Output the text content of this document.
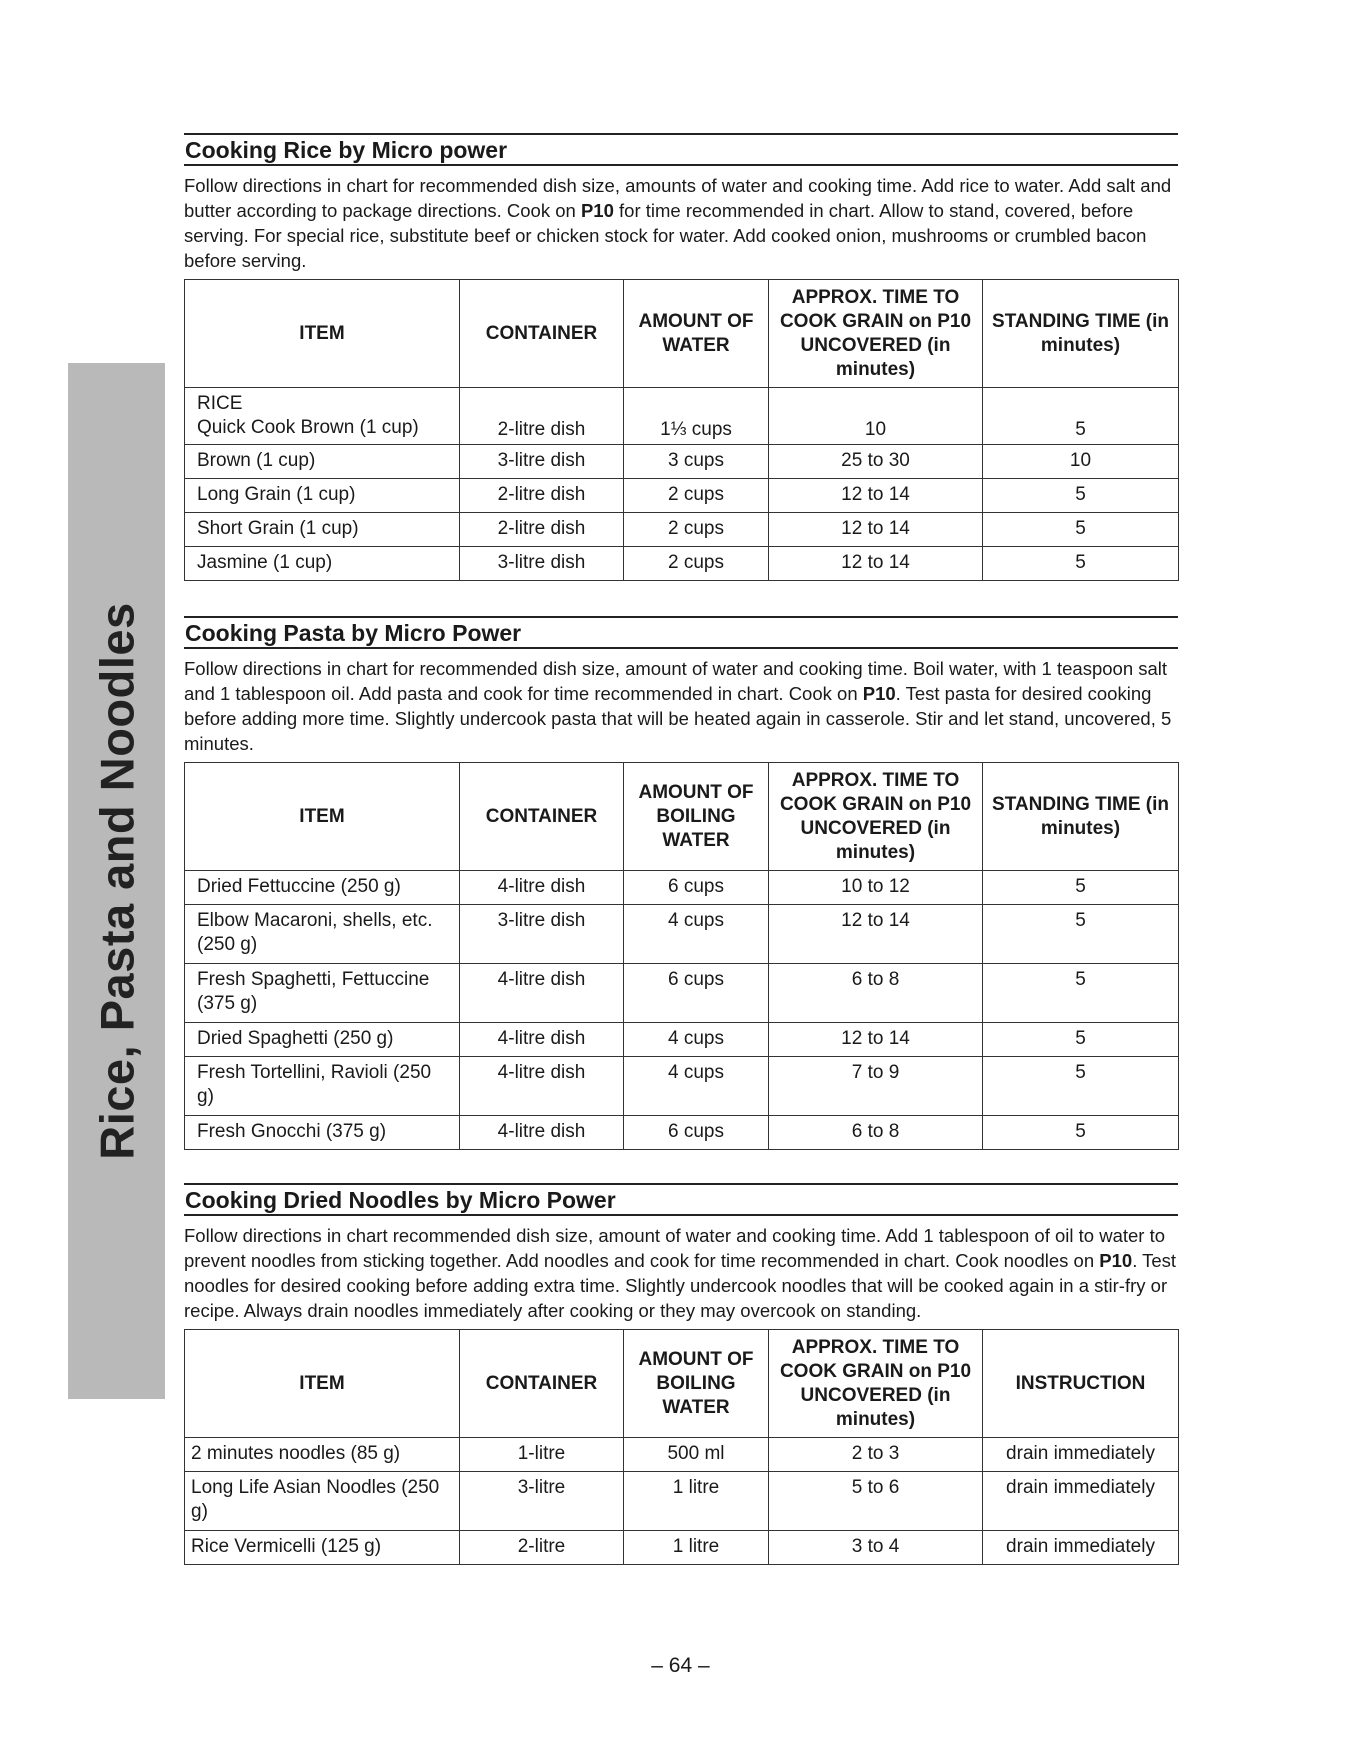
Rice, Pasta and Noodles
Cooking Rice by Micro power
Follow directions in chart for recommended dish size, amounts of water and cooking time. Add rice to water. Add salt and butter according to package directions. Cook on P10 for time recommended in chart. Allow to stand, covered, before serving. For special rice, substitute beef or chicken stock for water. Add cooked onion, mushrooms or crumbled bacon before serving.
ITEM	CONTAINER	AMOUNT OF WATER	APPROX. TIME TO COOK GRAIN on P10 UNCOVERED (in minutes)	STANDING TIME (in minutes)
RICE
Quick Cook Brown (1 cup)	2-litre dish	1⅓ cups	10	5
Brown (1 cup)	3-litre dish	3 cups	25 to 30	10
Long Grain (1 cup)	2-litre dish	2 cups	12 to 14	5
Short Grain (1 cup)	2-litre dish	2 cups	12 to 14	5
Jasmine (1 cup)	3-litre dish	2 cups	12 to 14	5
Cooking Pasta by Micro Power
Follow directions in chart for recommended dish size, amount of water and cooking time. Boil water, with 1 teaspoon salt and 1 tablespoon oil. Add pasta and cook for time recommended in chart. Cook on P10. Test pasta for desired cooking before adding more time. Slightly undercook pasta that will be heated again in casserole. Stir and let stand, uncovered, 5 minutes.
ITEM	CONTAINER	AMOUNT OF BOILING WATER	APPROX. TIME TO COOK GRAIN on P10 UNCOVERED (in minutes)	STANDING TIME (in minutes)
Dried Fettuccine (250 g)	4-litre dish	6 cups	10 to 12	5
Elbow Macaroni, shells, etc. (250 g)	3-litre dish	4 cups	12 to 14	5
Fresh Spaghetti, Fettuccine (375 g)	4-litre dish	6 cups	6 to 8	5
Dried Spaghetti (250 g)	4-litre dish	4 cups	12 to 14	5
Fresh Tortellini, Ravioli (250 g)	4-litre dish	4 cups	7 to 9	5
Fresh Gnocchi (375 g)	4-litre dish	6 cups	6 to 8	5
Cooking Dried Noodles by Micro Power
Follow directions in chart recommended dish size, amount of water and cooking time. Add 1 tablespoon of oil to water to prevent noodles from sticking together. Add noodles and cook for time recommended in chart. Cook noodles on P10. Test noodles for desired cooking before adding extra time. Slightly undercook noodles that will be cooked again in a stir-fry or recipe. Always drain noodles immediately after cooking or they may overcook on standing.
ITEM	CONTAINER	AMOUNT OF BOILING WATER	APPROX. TIME TO COOK GRAIN on P10 UNCOVERED (in minutes)	INSTRUCTION
2 minutes noodles (85 g)	1-litre	500 ml	2 to 3	drain immediately
Long Life Asian Noodles (250 g)	3-litre	1 litre	5 to 6	drain immediately
Rice Vermicelli (125 g)	2-litre	1 litre	3 to 4	drain immediately
– 64 –
